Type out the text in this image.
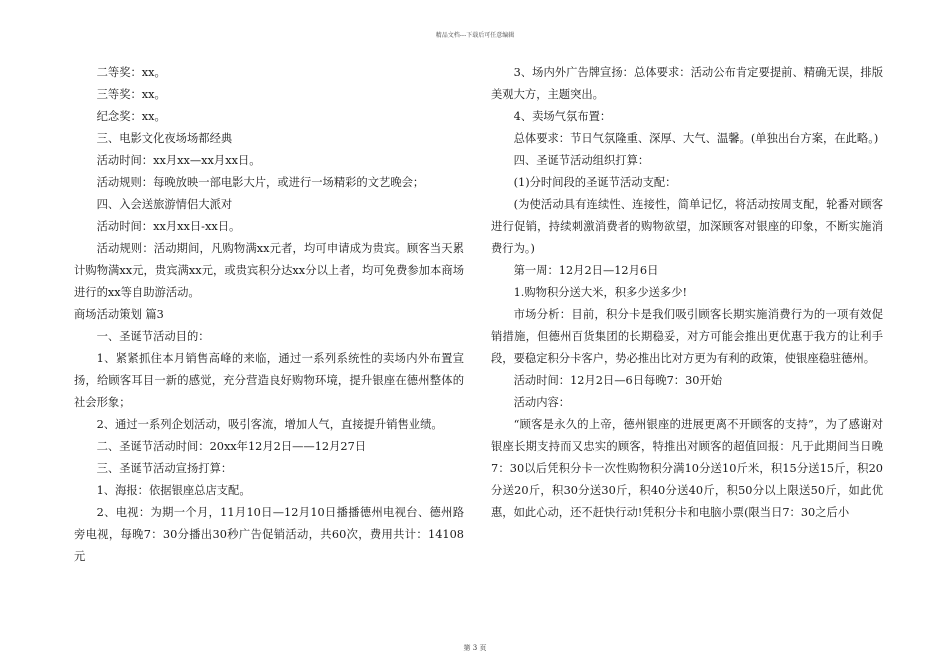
精品文档---下载后可任意编辑

二等奖：xx。

三等奖：xx。

纪念奖：xx。

三、电影文化夜场场都经典

活动时间：xx月xx—xx月xx日。

活动规则：每晚放映一部电影大片，或进行一场精彩的文艺晚会；

四、入会送旅游情侣大派对

活动时间：xx月xx日-xx日。

活动规则：活动期间，凡购物满xx元者，均可申请成为贵宾。顾客当天累计购物满xx元，贵宾满xx元，或贵宾积分达xx分以上者，均可免费参加本商场进行的xx等自助游活动。

商场活动策划 篇3

一、圣诞节活动目的：

1、紧紧抓住本月销售高峰的来临，通过一系列系统性的卖场内外布置宣扬，给顾客耳目一新的感觉，充分营造良好购物环境，提升银座在德州整体的社会形象；

2、通过一系列企划活动，吸引客流，增加人气，直接提升销售业绩。

二、圣诞节活动时间：20xx年12月2日——12月27日

三、圣诞节活动宣扬打算：

1、海报：依据银座总店支配。

2、电视：为期一个月，11月10日—12月10日播播德州电视台、德州路旁电视，每晚7：30分播出30秒广告促销活动，共60次，费用共计：14108元

3、场内外广告牌宣扬：总体要求：活动公布肯定要提前、精确无误，排版美观大方，主题突出。

4、卖场气氛布置：

总体要求：节日气氛隆重、深厚、大气、温馨。(单独出台方案，在此略。)

四、圣诞节活动组织打算：

(1)分时间段的圣诞节活动支配：

(为使活动具有连续性、连接性，简单记忆，将活动按周支配，轮番对顾客进行促销，持续刺激消费者的购物欲望，加深顾客对银座的印象，不断实施消费行为。)

第一周：12月2日—12月6日

1.购物积分送大米，积多少送多少!

市场分析：目前，积分卡是我们吸引顾客长期实施消费行为的一项有效促销措施，但德州百货集团的长期稳妥，对方可能会推出更优惠于我方的让利手段，要稳定积分卡客户，势必推出比对方更为有利的政策，使银座稳驻德州。

活动时间：12月2日—6日每晚7：30开始

活动内容：

“顾客是永久的上帝，德州银座的进展更离不开顾客的支持”，为了感谢对银座长期支持而又忠实的顾客，特推出对顾客的超值回报：凡于此期间当日晚7：30以后凭积分卡一次性购物积分满10分送10斤米，积15分送15斤，积20分送20斤，积30分送30斤，积40分送40斤，积50分以上限送50斤，如此优惠，如此心动，还不赶快行动!凭积分卡和电脑小票(限当日7：30之后小

第 3 页
